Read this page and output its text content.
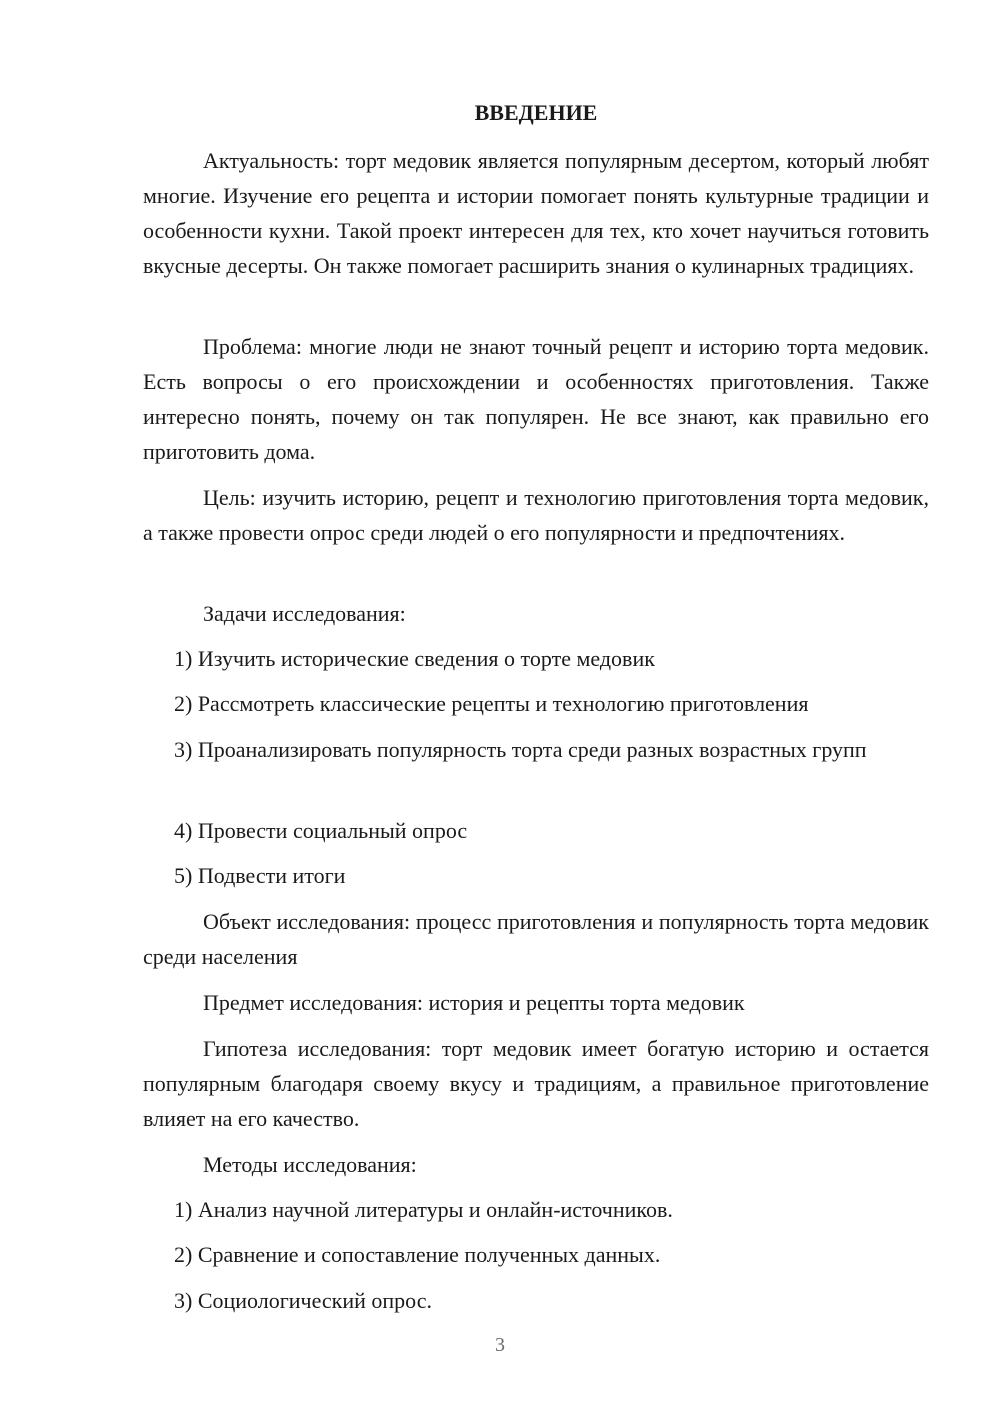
ВВЕДЕНИЕ
Актуальность: торт медовик является популярным десертом, который любят многие. Изучение его рецепта и истории помогает понять культурные традиции и особенности кухни. Такой проект интересен для тех, кто хочет научиться готовить вкусные десерты. Он также помогает расширить знания о кулинарных традициях.
Проблема: многие люди не знают точный рецепт и историю торта медовик. Есть вопросы о его происхождении и особенностях приготовления. Также интересно понять, почему он так популярен. Не все знают, как правильно его приготовить дома.
Цель: изучить историю, рецепт и технологию приготовления торта медовик, а также провести опрос среди людей о его популярности и предпочтениях.
Задачи исследования:
1) Изучить исторические сведения о торте медовик
2) Рассмотреть классические рецепты и технологию приготовления
3) Проанализировать популярность торта среди разных возрастных групп
4) Провести социальный опрос
5) Подвести итоги
Объект исследования: процесс приготовления и популярность торта медовик среди населения
Предмет исследования: история и рецепты торта медовик
Гипотеза исследования: торт медовик имеет богатую историю и остается популярным благодаря своему вкусу и традициям, а правильное приготовление влияет на его качество.
Методы исследования:
1) Анализ научной литературы и онлайн-источников.
2) Сравнение и сопоставление полученных данных.
3) Социологический опрос.
3
